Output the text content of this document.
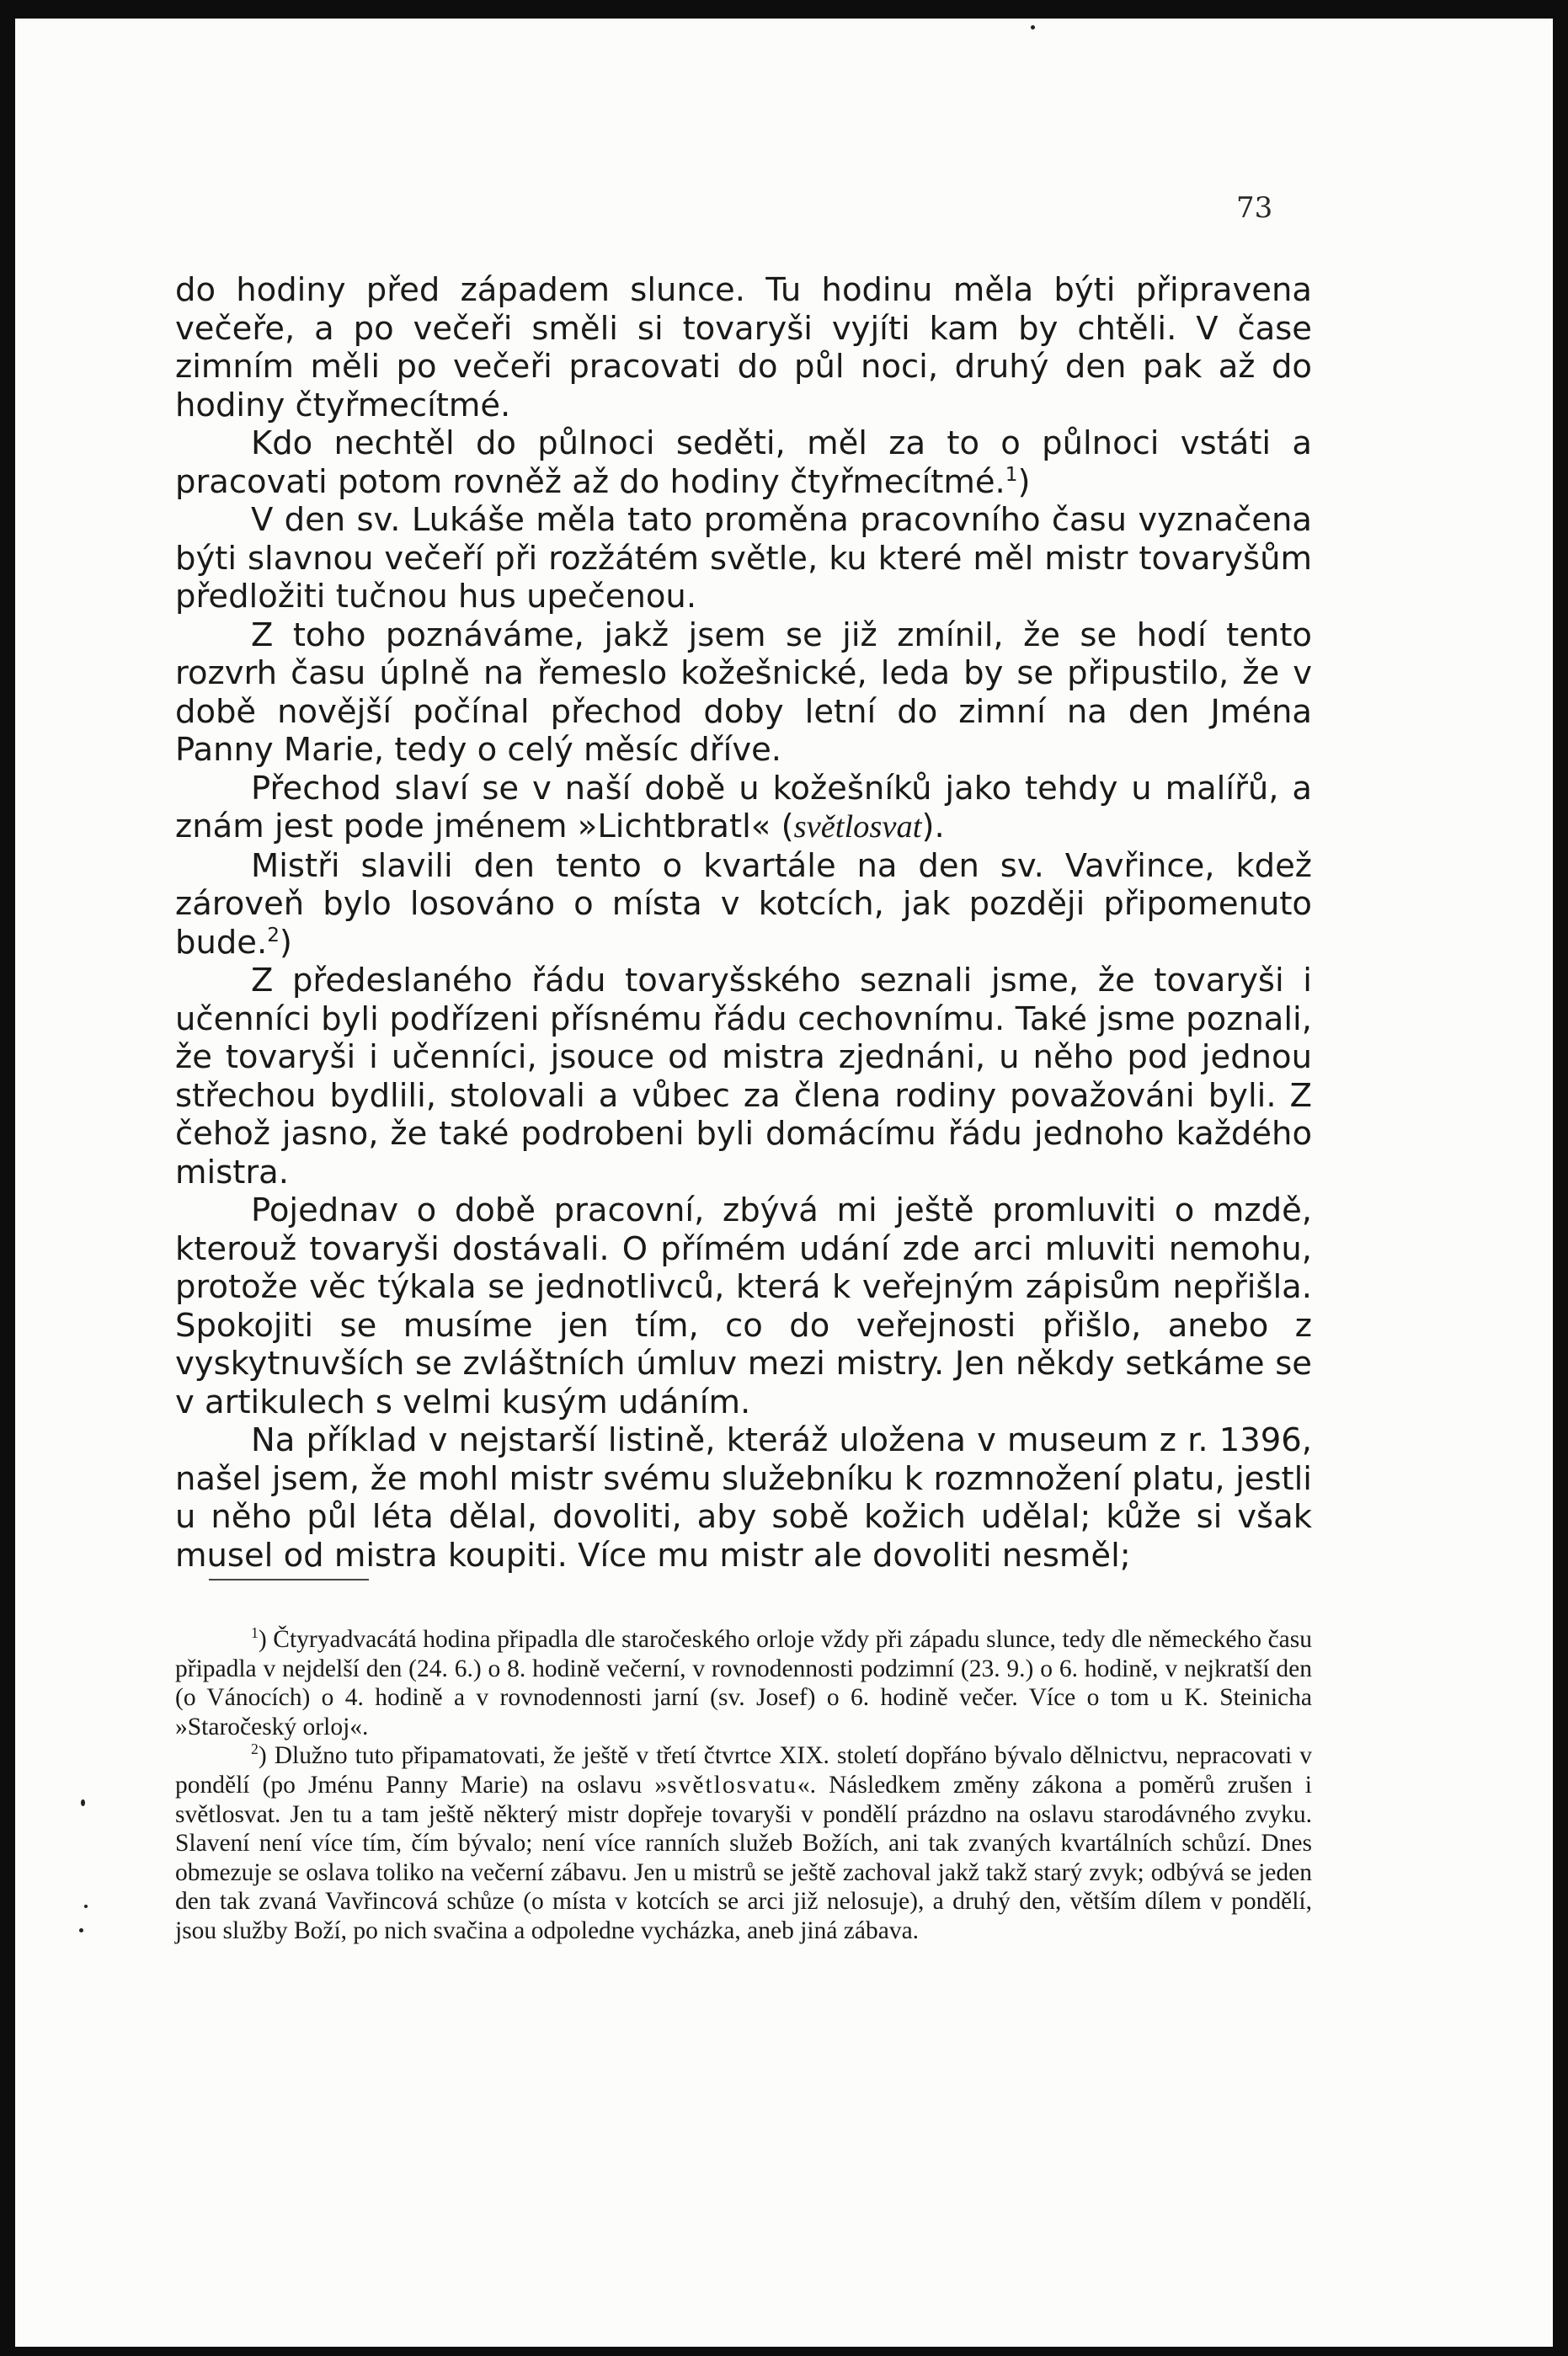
73

do hodiny před západem slunce. Tu hodinu měla býti připravena večeře, a po večeři směli si tovaryši vyjíti kam by chtěli. V čase zimním měli po večeři pracovati do půl noci, druhý den pak až do hodiny čtyřmecítmé.

Kdo nechtěl do půlnoci seděti, měl za to o půlnoci vstáti a pracovati potom rovněž až do hodiny čtyřmecítmé.$^1$)

V den sv. Lukáše měla tato proměna pracovního času vyznačena býti slavnou večeří při rozžátém světle, ku které měl mistr tovaryšům předložiti tučnou hus upečenou.

Z toho poznáváme, jakž jsem se již zmínil, že se hodí tento rozvrh času úplně na řemeslo kožešnické, leda by se připustilo, že v době novější počínal přechod doby letní do zimní na den Jména Panny Marie, tedy o celý měsíc dříve.

Přechod slaví se v naší době u kožešníků jako tehdy u malířů, a znám jest pode jménem »Lichtbratl« (světlosvat).

Mistři slavili den tento o kvartále na den sv. Vavřince, kdež zároveň bylo losováno o místa v kotcích, jak později připomenuto bude.$^2$)

Z předeslaného řádu tovaryšského seznali jsme, že tovaryši i učenníci byli podřízeni přísnému řádu cechovnímu. Také jsme poznali, že tovaryši i učenníci, jsouce od mistra zjednáni, u něho pod jednou střechou bydlili, stolovali a vůbec za člena rodiny považováni byli. Z čehož jasno, že také podrobeni byli domácímu řádu jednoho každého mistra.

Pojednav o době pracovní, zbývá mi ještě promluviti o mzdě, kterouž tovaryši dostávali. O přímém udání zde arci mluviti nemohu, protože věc týkala se jednotlivců, která k veřejným zápisům nepřišla. Spokojiti se musíme jen tím, co do veřejnosti přišlo, anebo z vyskytnuvších se zvláštních úmluv mezi mistry. Jen někdy setkáme se v artikulech s velmi kusým udáním.

Na příklad v nejstarší listině, kteráž uložena v museum z r. 1396, našel jsem, že mohl mistr svému služebníku k rozmnožení platu, jestli u něho půl léta dělal, dovoliti, aby sobě kožich udělal; kůže si však musel od mistra koupiti. Více mu mistr ale dovoliti nesměl;

$^1$) Čtyryadvacátá hodina připadla dle staročeského orloje vždy při západu slunce, tedy dle německého času připadla v nejdelší den (24. 6.) o 8. hodině večerní, v rovnodennosti podzimní (23. 9.) o 6. hodině, v nejkratší den (o Vánocích) o 4. hodině a v rovnodennosti jarní (sv. Josef) o 6. hodině večer. Více o tom u K. Steinicha »Staročeský orloj«.

$^2$) Dlužno tuto připamatovati, že ještě v třetí čtvrtce XIX. století dopřáno bývalo dělnictvu, nepracovati v pondělí (po Jménu Panny Marie) na oslavu »světlosvatu«. Následkem změny zákona a poměrů zrušen i světlosvat. Jen tu a tam ještě některý mistr dopřeje tovaryši v pondělí prázdno na oslavu starodávného zvyku. Slavení není více tím, čím bývalo; není více ranních služeb Božích, ani tak zvaných kvartálních schůzí. Dnes obmezuje se oslava toliko na večerní zábavu. Jen u mistrů se ještě zachoval jakž takž starý zvyk; odbývá se jeden den tak zvaná Vavřincová schůze (o místa v kotcích se arci již nelosuje), a druhý den, větším dílem v pondělí, jsou služby Boží, po nich svačina a odpoledne vycházka, aneb jiná zábava.
